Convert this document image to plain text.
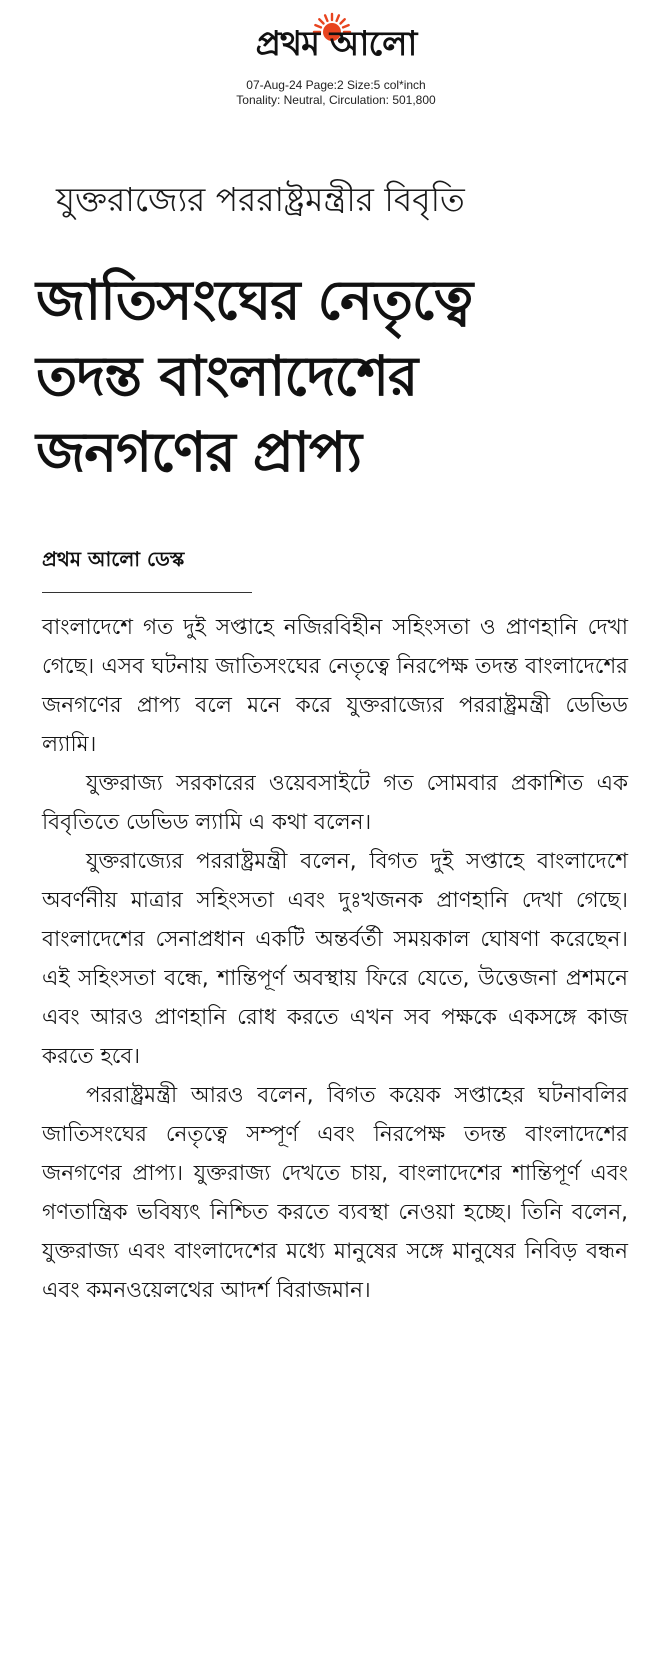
প্রথম আলো
07-Aug-24 Page:2 Size:5 col*inch
Tonality: Neutral, Circulation: 501,800
যুক্তরাজ্যের পররাষ্ট্রমন্ত্রীর বিবৃতি
জাতিসংঘের নেতৃত্বে
তদন্ত বাংলাদেশের
জনগণের প্রাপ্য
প্রথম আলো ডেস্ক

বাংলাদেশে গত দুই সপ্তাহে নজিরবিহীন সহিংসতা ও প্রাণহানি দেখা গেছে। এসব ঘটনায় জাতিসংঘের নেতৃত্বে নিরপেক্ষ তদন্ত বাংলাদেশের জনগণের প্রাপ্য বলে মনে করে যুক্তরাজ্যের পররাষ্ট্রমন্ত্রী ডেভিড ল্যামি।

যুক্তরাজ্য সরকারের ওয়েবসাইটে গত সোমবার প্রকাশিত এক বিবৃতিতে ডেভিড ল্যামি এ কথা বলেন।

যুক্তরাজ্যের পররাষ্ট্রমন্ত্রী বলেন, বিগত দুই সপ্তাহে বাংলাদেশে অবর্ণনীয় মাত্রার সহিংসতা এবং দুঃখজনক প্রাণহানি দেখা গেছে। বাংলাদেশের সেনাপ্রধান একটি অন্তর্বর্তী সময়কাল ঘোষণা করেছেন। এই সহিংসতা বন্ধে, শান্তিপূর্ণ অবস্থায় ফিরে যেতে, উত্তেজনা প্রশমনে এবং আরও প্রাণহানি রোধ করতে এখন সব পক্ষকে একসঙ্গে কাজ করতে হবে।

পররাষ্ট্রমন্ত্রী আরও বলেন, বিগত কয়েক সপ্তাহের ঘটনাবলির জাতিসংঘের নেতৃত্বে সম্পূর্ণ এবং নিরপেক্ষ তদন্ত বাংলাদেশের জনগণের প্রাপ্য। যুক্তরাজ্য দেখতে চায়, বাংলাদেশের শান্তিপূর্ণ এবং গণতান্ত্রিক ভবিষ্যৎ নিশ্চিত করতে ব্যবস্থা নেওয়া হচ্ছে। তিনি বলেন, যুক্তরাজ্য এবং বাংলাদেশের মধ্যে মানুষের সঙ্গে মানুষের নিবিড় বন্ধন এবং কমনওয়েলথের আদর্শ বিরাজমান।
